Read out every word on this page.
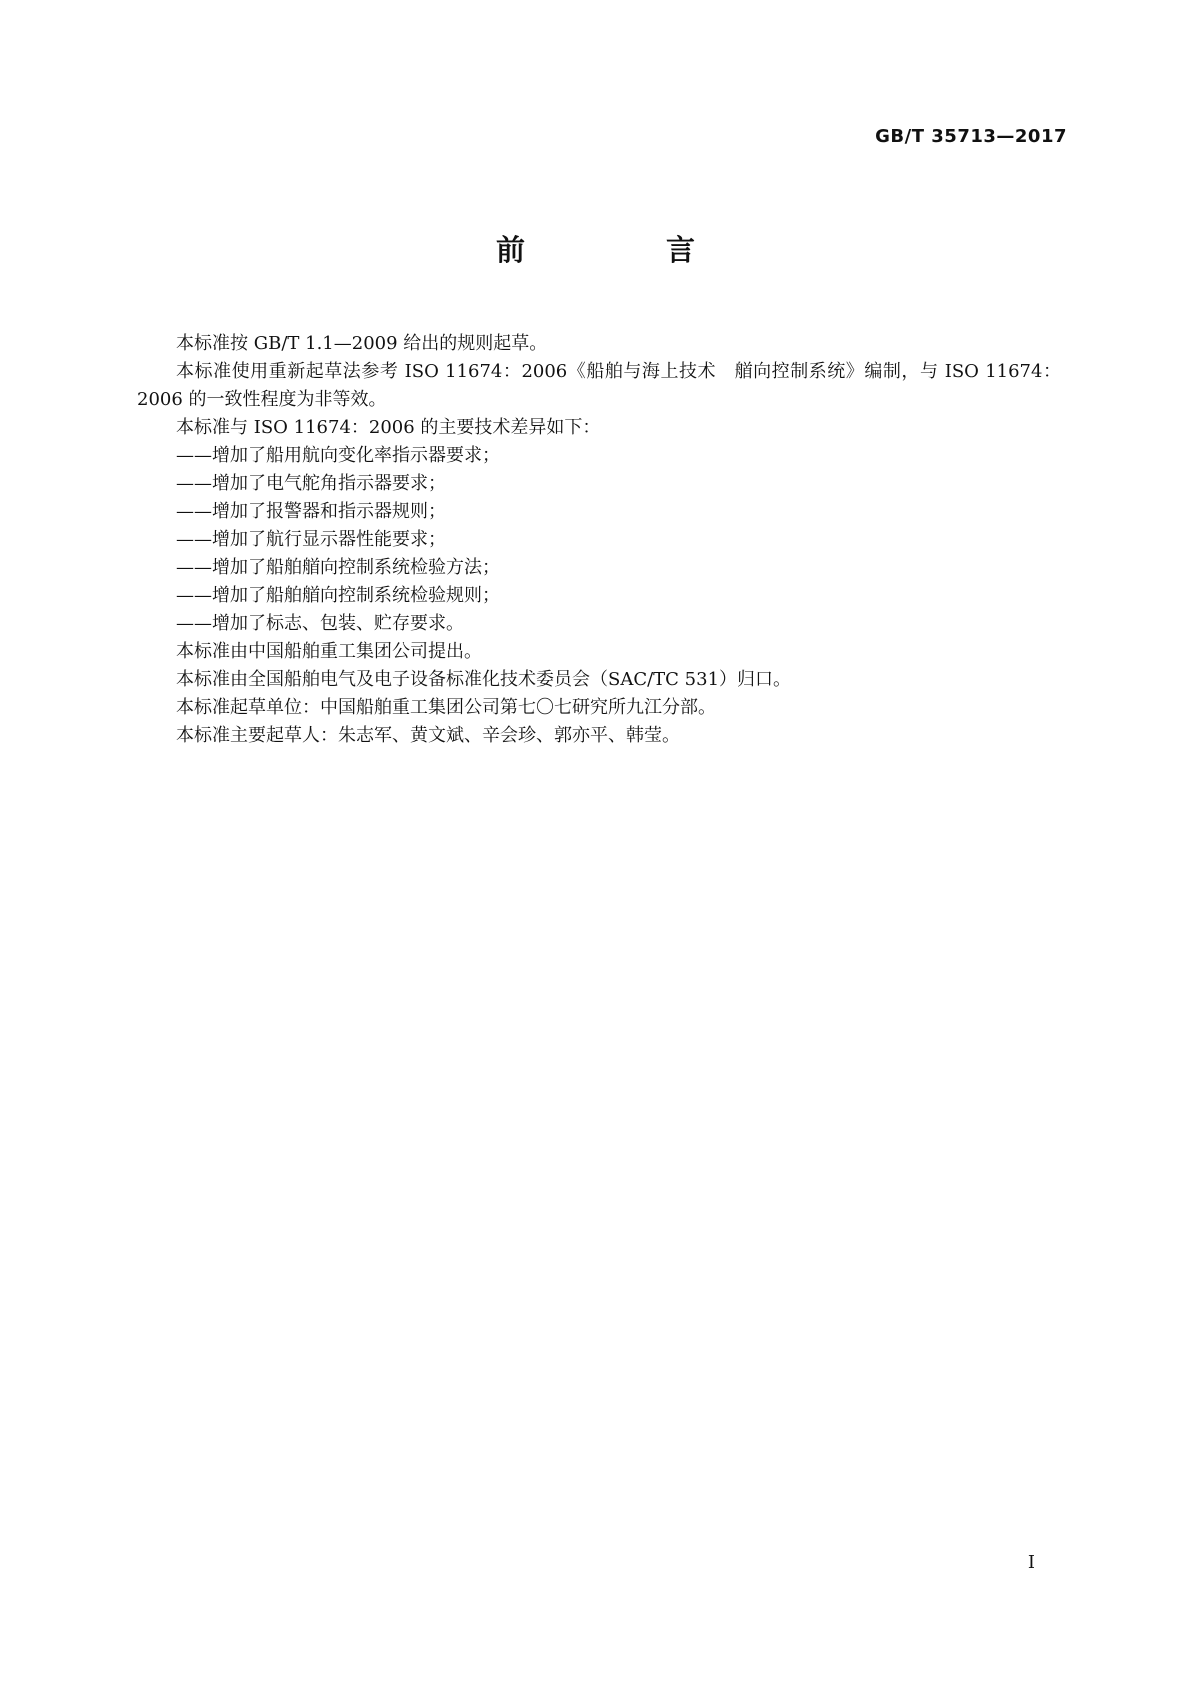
GB/T 35713—2017
前　言

本标准按 GB/T 1.1—2009 给出的规则起草。

本标准使用重新起草法参考 ISO 11674：2006《船舶与海上技术　艏向控制系统》编制，与 ISO 11674：2006 的一致性程度为非等效。

本标准与 ISO 11674：2006 的主要技术差异如下：

——增加了船用航向变化率指示器要求；

——增加了电气舵角指示器要求；

——增加了报警器和指示器规则；

——增加了航行显示器性能要求；

——增加了船舶艏向控制系统检验方法；

——增加了船舶艏向控制系统检验规则；

——增加了标志、包装、贮存要求。

本标准由中国船舶重工集团公司提出。

本标准由全国船舶电气及电子设备标准化技术委员会（SAC/TC 531）归口。

本标准起草单位：中国船舶重工集团公司第七〇七研究所九江分部。

本标准主要起草人：朱志军、黄文斌、辛会珍、郭亦平、韩莹。

I
